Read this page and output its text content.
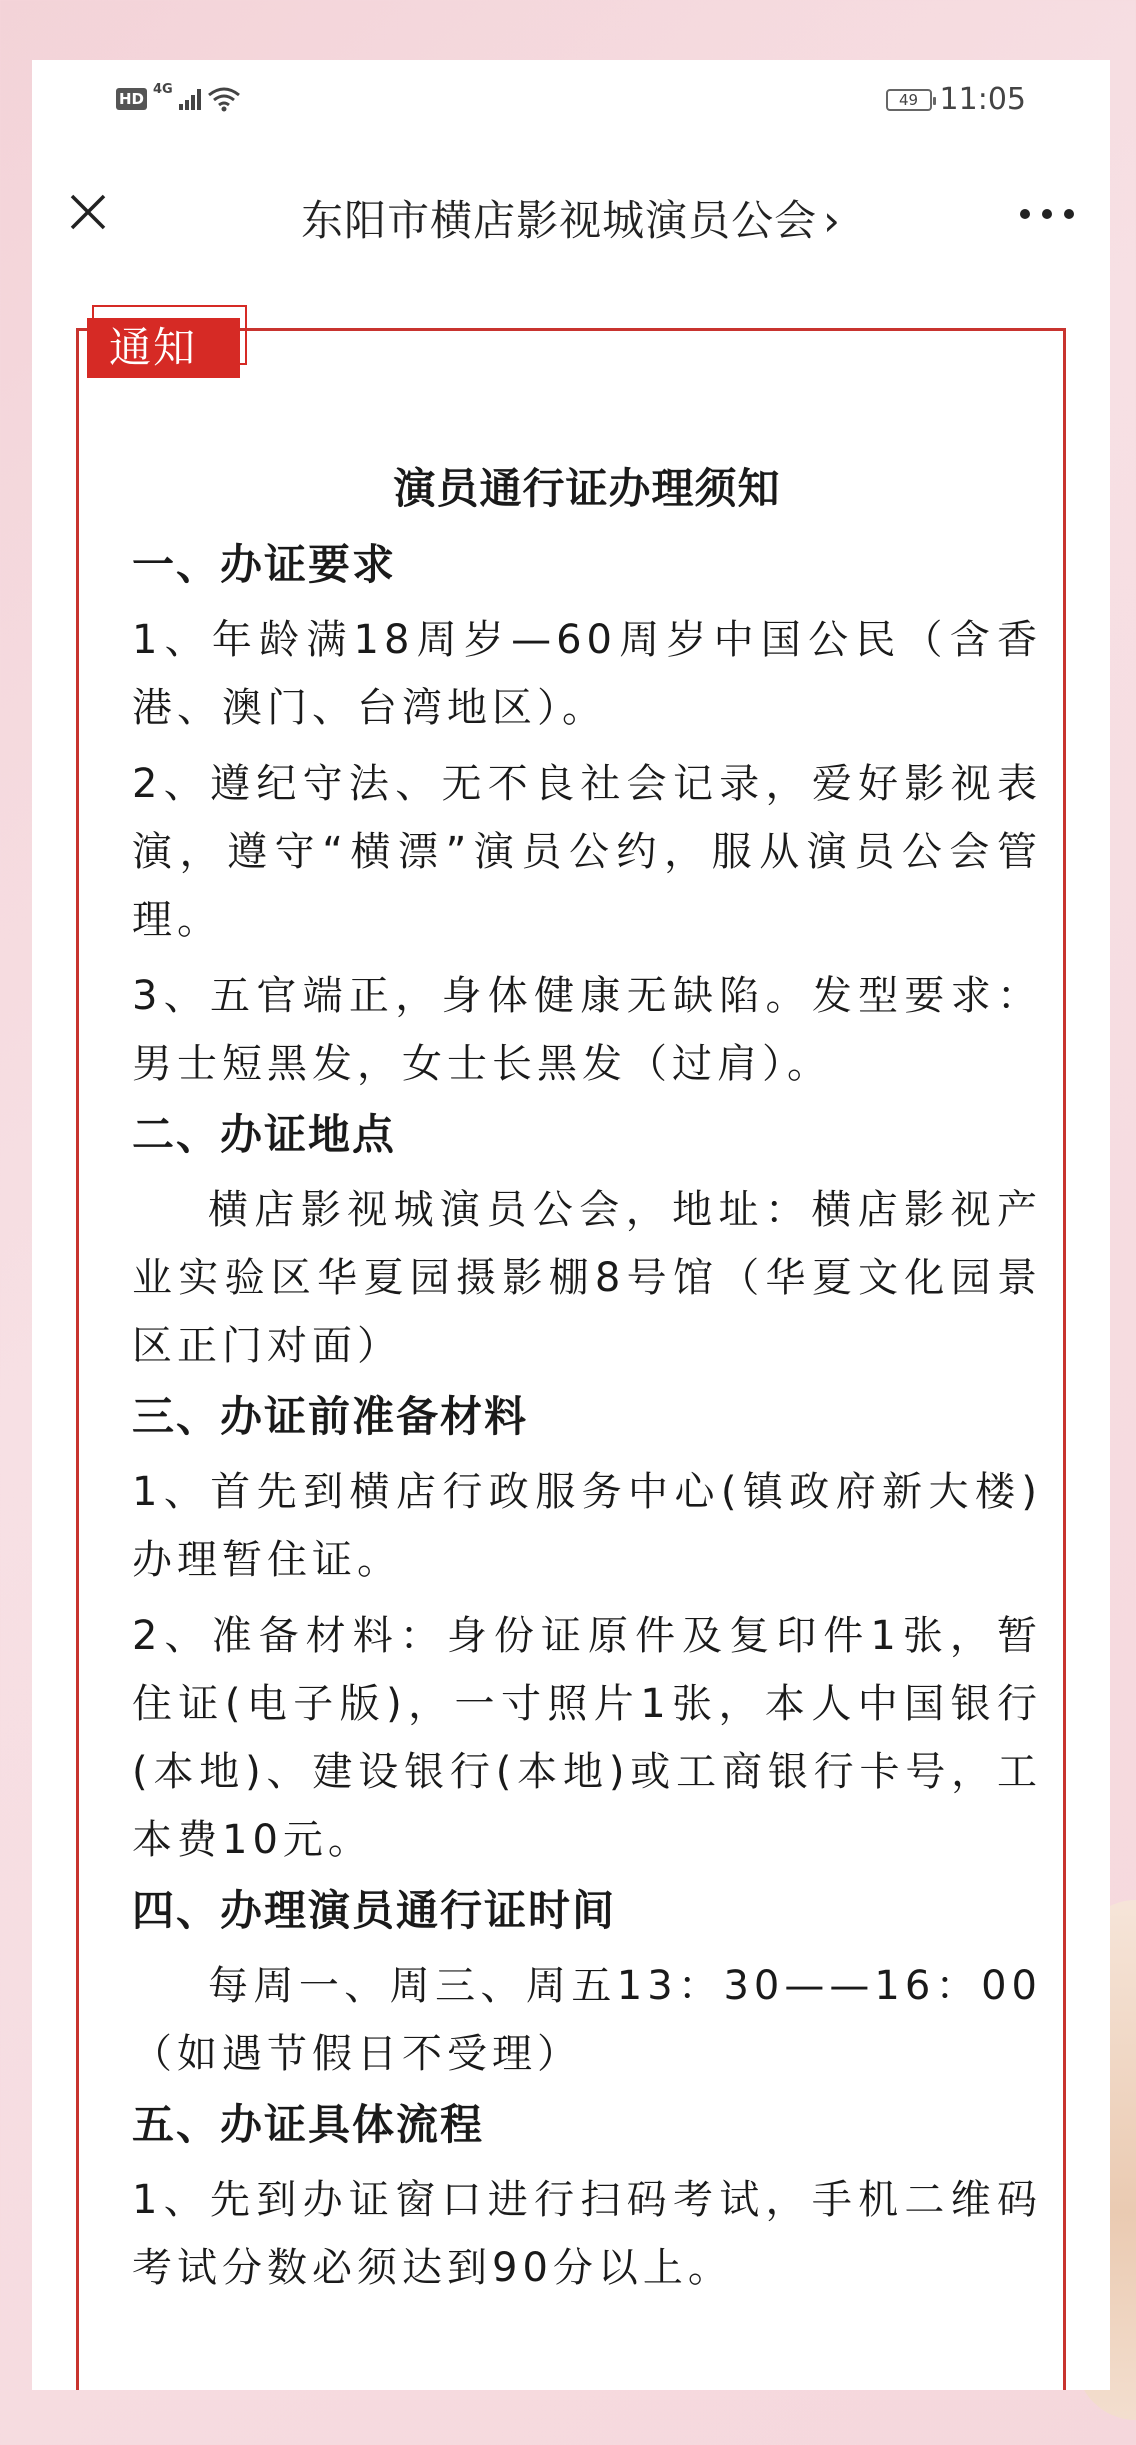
HD
4G
49 11:05
东阳市横店影视城演员公会 ›
通知
演员通行证办理须知
一、办证要求

1、年龄满18周岁—60周岁中国公民（含香港、澳门、台湾地区）。

2、遵纪守法、无不良社会记录，爱好影视表演，遵守“横漂”演员公约，服从演员公会管理。

3、五官端正，身体健康无缺陷。发型要求：男士短黑发，女士长黑发（过肩）。

二、办证地点

横店影视城演员公会，地址：横店影视产业实验区华夏园摄影棚8号馆（华夏文化园景区正门对面）

三、办证前准备材料

1、首先到横店行政服务中心(镇政府新大楼)办理暂住证。

2、准备材料：身份证原件及复印件1张，暂住证(电子版)，一寸照片1张，本人中国银行(本地)、建设银行(本地)或工商银行卡号，工本费10元。

四、办理演员通行证时间

每周一、周三、周五13：30——16：00（如遇节假日不受理）

五、办证具体流程

1、先到办证窗口进行扫码考试，手机二维码考试分数必须达到90分以上。
